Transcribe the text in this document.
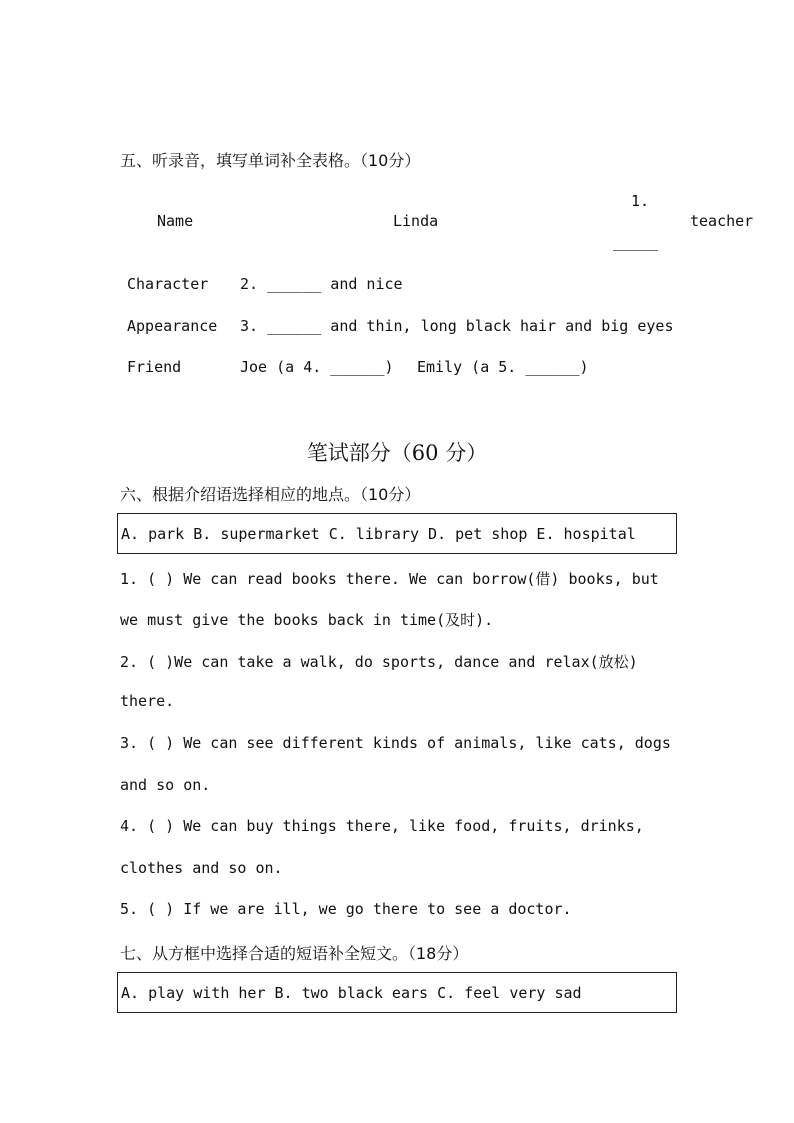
五、听录音，填写单词补全表格。（10分）
Name	Linda
1.
_____
teacher
Character 2. ______ and nice
Appearance 3. ______ and thin, long black hair and big eyes
Friend	Joe (a 4. ______) Emily (a 5. ______)
笔试部分（60 分）
六、根据介绍语选择相应的地点。（10分）
A. park B. supermarket C. library D. pet shop E. hospital
1. ( ) We can read books there. We can borrow(借) books, but
we must give the books back in time(及时).
2. ( )We can take a walk, do sports, dance and relax(放松)
there.
3. ( ) We can see different kinds of animals, like cats, dogs
and so on.
4. ( ) We can buy things there, like food, fruits, drinks,
clothes and so on.
5. ( ) If we are ill, we go there to see a doctor.
七、从方框中选择合适的短语补全短文。（18分）
A. play with her B. two black ears C. feel very sad
